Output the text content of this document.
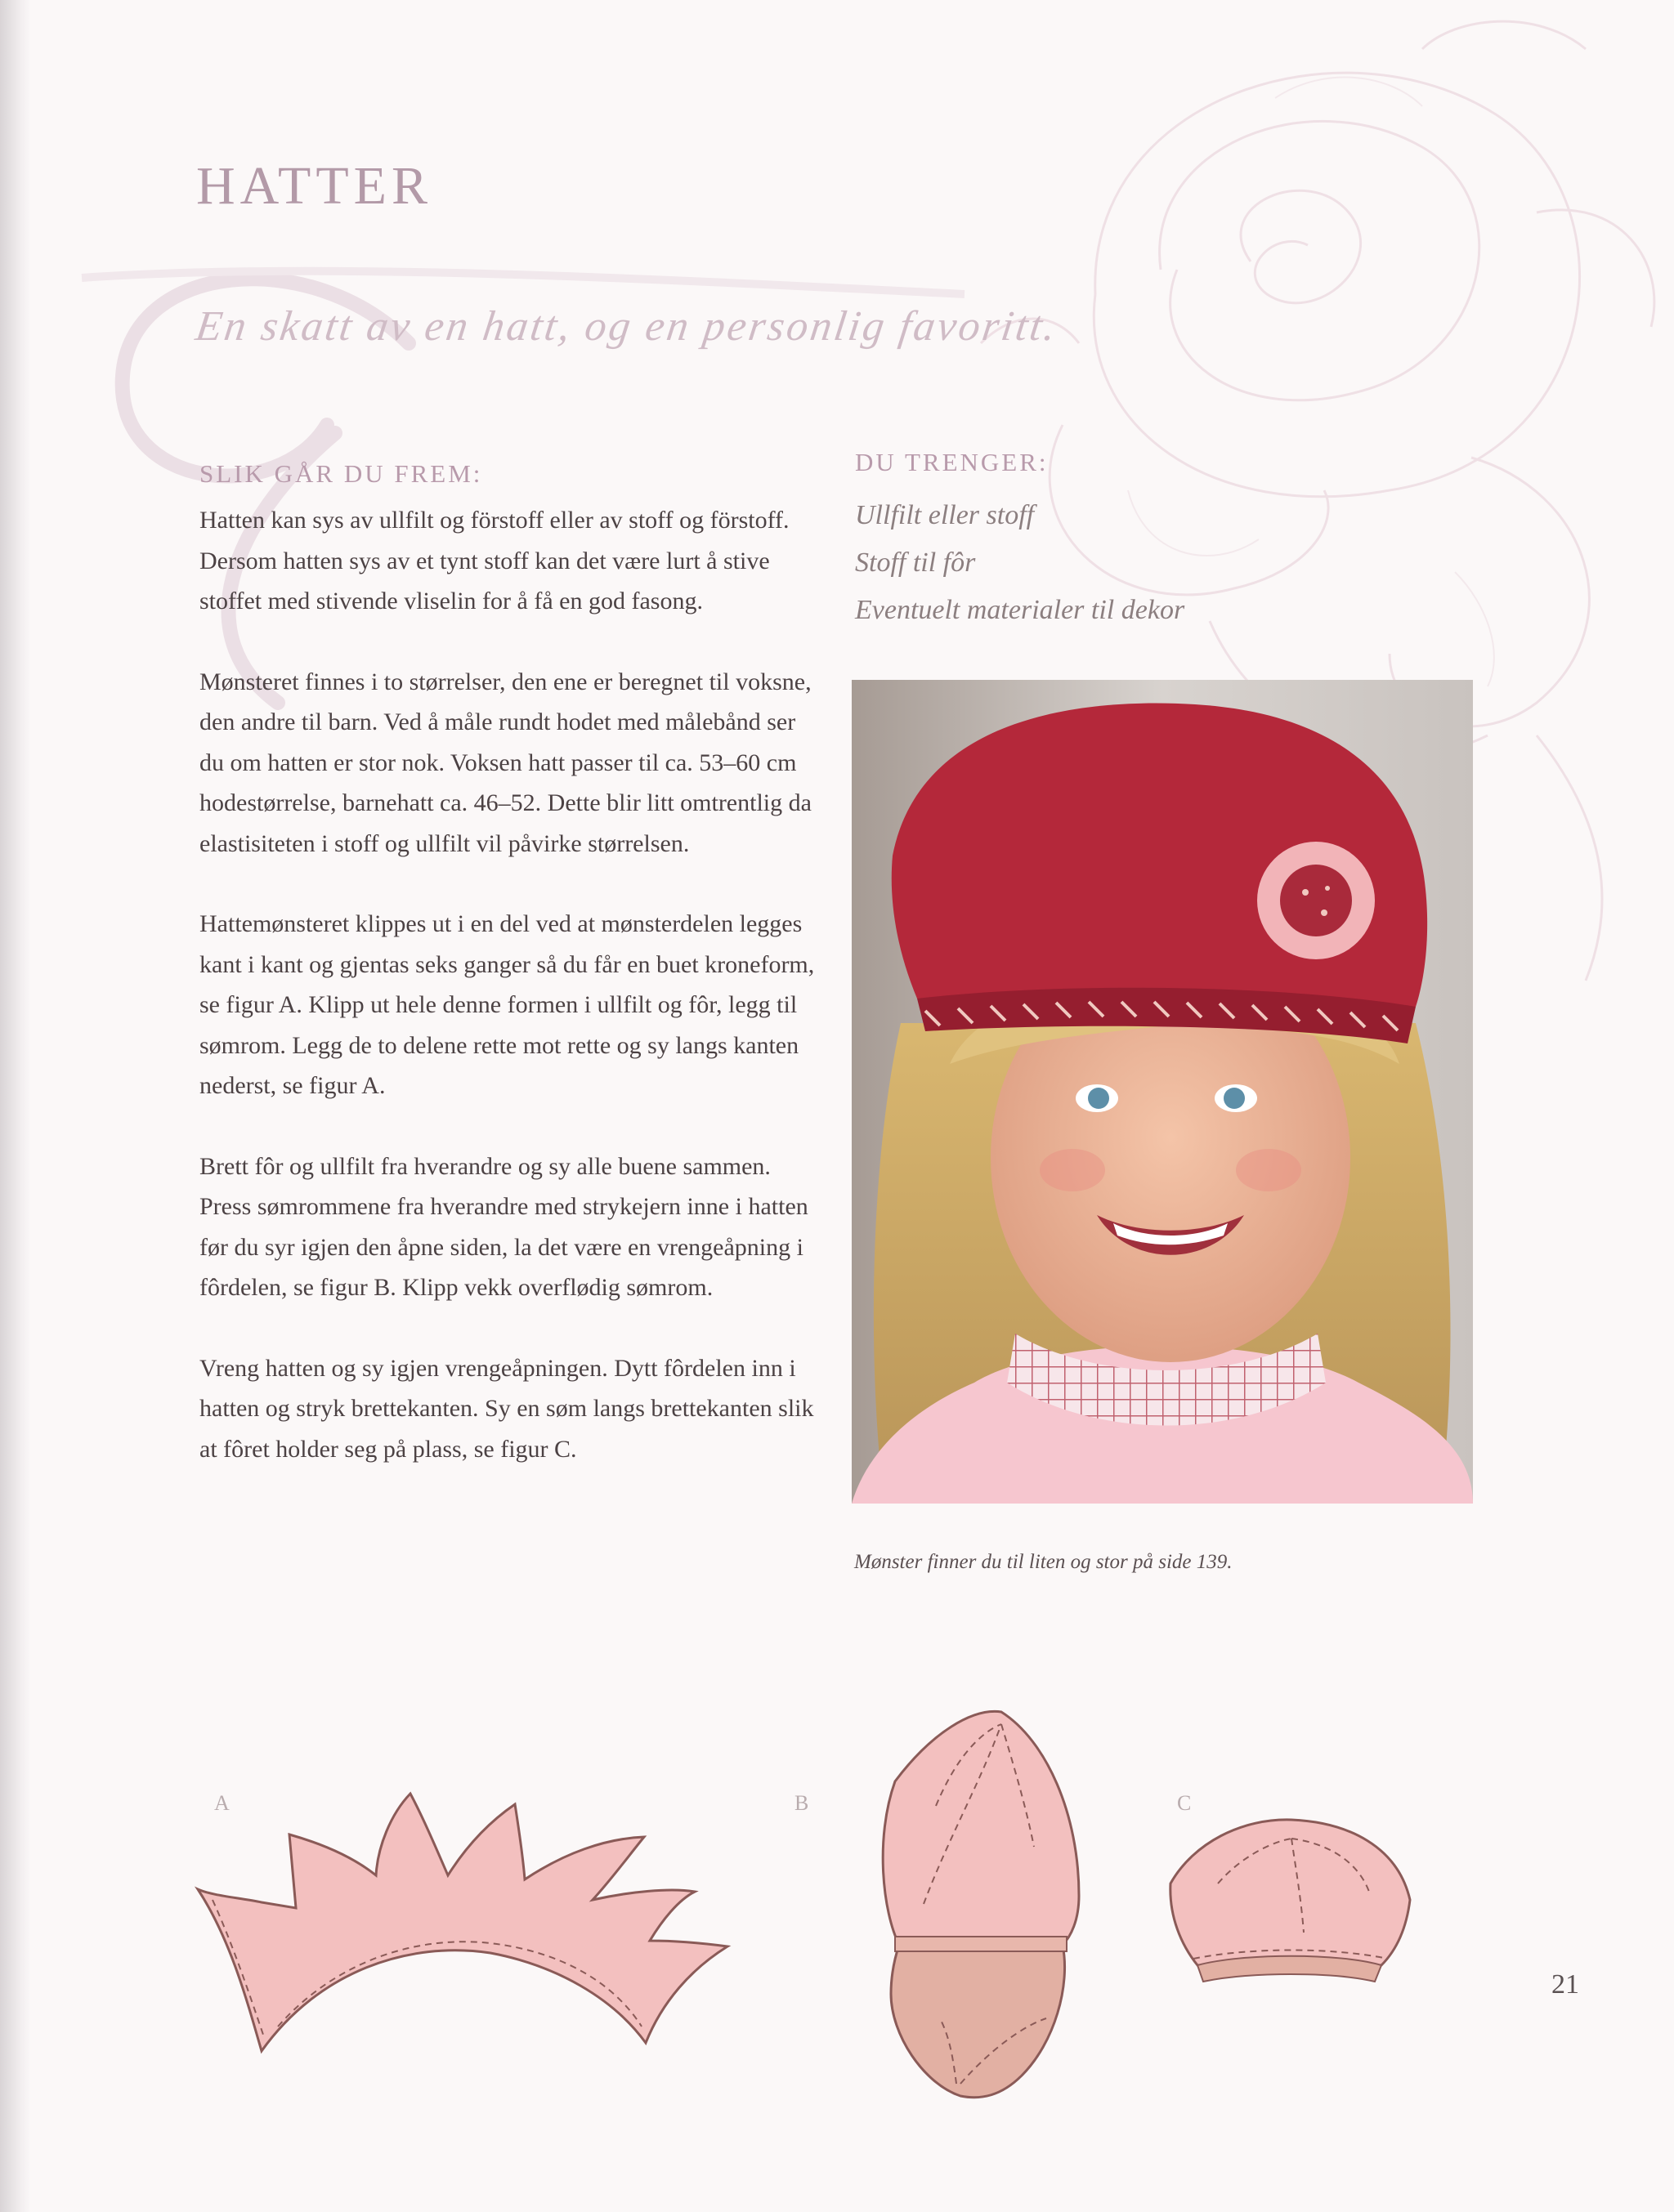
HATTER

En skatt av en hatt, og en personlig favoritt.

SLIK GÅR DU FREM:

Hatten kan sys av ullfilt og förstoff eller av stoff og förstoff. Dersom hatten sys av et tynt stoff kan det være lurt å stive stoffet med stivende vliselin for å få en god fasong.

Mønsteret finnes i to størrelser, den ene er beregnet til voksne, den andre til barn. Ved å måle rundt hodet med målebånd ser du om hatten er stor nok. Voksen hatt passer til ca. 53–60 cm hodestørrelse, barnehatt ca. 46–52. Dette blir litt omtrentlig da elastisiteten i stoff og ullfilt vil påvirke størrelsen.

Hattemønsteret klippes ut i en del ved at mønsterdelen legges kant i kant og gjentas seks ganger så du får en buet kroneform, se figur A. Klipp ut hele denne formen i ullfilt og fôr, legg til sømrom. Legg de to delene rette mot rette og sy langs kanten nederst, se figur A.

Brett fôr og ullfilt fra hverandre og sy alle buene sammen. Press sømrommene fra hverandre med strykejern inne i hatten før du syr igjen den åpne siden, la det være en vrengeåpning i fôrdelen, se figur B. Klipp vekk overflødig sømrom.

Vreng hatten og sy igjen vrengeåpningen. Dytt fôrdelen inn i hatten og stryk brettekanten. Sy en søm langs brettekanten slik at fôret holder seg på plass, se figur C.

DU TRENGER:
Ullfilt eller stoff
Stoff til fôr
Eventuelt materialer til dekor

Mønster finner du til liten og stor på side 139.

A	B	C
21
